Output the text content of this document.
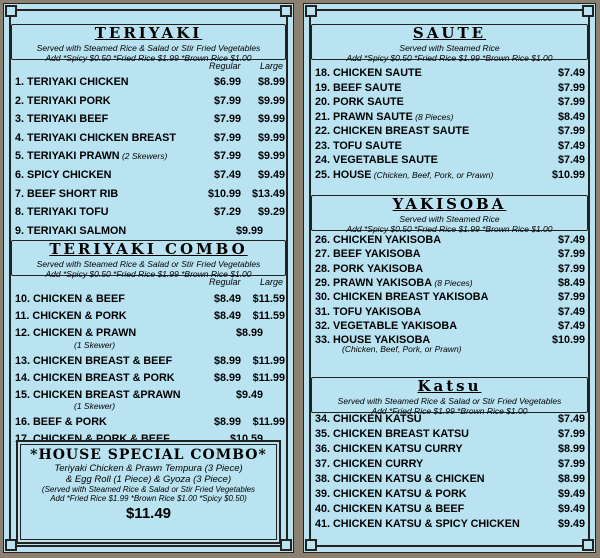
TERIYAKI
Served with Steamed Rice & Salad or Stir Fried Vegetables
Add *Spicy $0.50 *Fried Rice $1.99 *Brown Rice $1.00
Regular Large
1. TERIYAKI CHICKEN	$6.99 $8.99
2. TERIYAKI PORK	$7.99 $9.99
3. TERIYAKI BEEF	$7.99 $9.99
4. TERIYAKI CHICKEN BREAST	$7.99 $9.99
5. TERIYAKI PRAWN (2 Skewers)	$7.99 $9.99
6. SPICY CHICKEN	$7.49 $9.49
7. BEEF SHORT RIB	$10.99 $13.49
8. TERIYAKI TOFU	$7.29 $9.29
9. TERIYAKI SALMON	$9.99
TERIYAKI COMBO
Served with Steamed Rice & Salad or Stir Fried Vegetables
Add *Spicy $0.50 *Fried Rice $1.99 *Brown Rice $1.00
Regular Large
10. CHICKEN & BEEF	$8.49 $11.59
11. CHICKEN & PORK	$8.49 $11.59
12. CHICKEN & PRAWN	$8.99
(1 Skewer)
13. CHICKEN BREAST & BEEF	$8.99 $11.99
14. CHICKEN BREAST & PORK	$8.99 $11.99
15. CHICKEN BREAST &PRAWN	$9.49
(1 Skewer)
16. BEEF & PORK	$8.99 $11.99
17. CHICKEN & PORK & BEEF	$10.59
*HOUSE SPECIAL COMBO*
Teriyaki Chicken & Prawn Tempura (3 Piece)
& Egg Roll (1 Piece) & Gyoza (3 Piece)
(Served with Steamed Rice & Salad or Stir Fried Vegetables
Add *Fried Rice $1.99 *Brown Rice $1.00 *Spicy $0.50)
$11.49
SAUTE
Served with Steamed Rice
Add *Spicy $0.50 *Fried Rice $1.99 *Brown Rice $1.00
18. CHICKEN SAUTE	$7.49
19. BEEF SAUTE	$7.99
20. PORK SAUTE	$7.99
21. PRAWN SAUTE (8 Pieces)	$8.49
22. CHICKEN BREAST SAUTE	$7.99
23. TOFU SAUTE	$7.49
24. VEGETABLE SAUTE	$7.49
25. HOUSE (Chicken, Beef, Pork, or Prawn)	$10.99
YAKISOBA
Served with Steamed Rice
Add *Spicy $0.50 *Fried Rice $1.99 *Brown Rice $1.00
26. CHICKEN YAKISOBA	$7.49
27. BEEF YAKISOBA	$7.99
28. PORK YAKISOBA	$7.99
29. PRAWN YAKISOBA (8 Pieces)	$8.49
30. CHICKEN BREAST YAKISOBA	$7.99
31. TOFU YAKISOBA	$7.49
32. VEGETABLE YAKISOBA	$7.49
33. HOUSE YAKISOBA	$10.99
(Chicken, Beef, Pork, or Prawn)
Katsu
Served with Steamed Rice & Salad or Stir Fried Vegetables
Add *Fried Rice $1.99 *Brown Rice $1.00
34. CHICKEN KATSU	$7.49
35. CHICKEN BREAST KATSU	$7.99
36. CHICKEN KATSU CURRY	$8.99
37. CHICKEN CURRY	$7.99
38. CHICKEN KATSU & CHICKEN	$8.99
39. CHICKEN KATSU & PORK	$9.49
40. CHICKEN KATSU & BEEF	$9.49
41. CHICKEN KATSU & SPICY CHICKEN	$9.49
